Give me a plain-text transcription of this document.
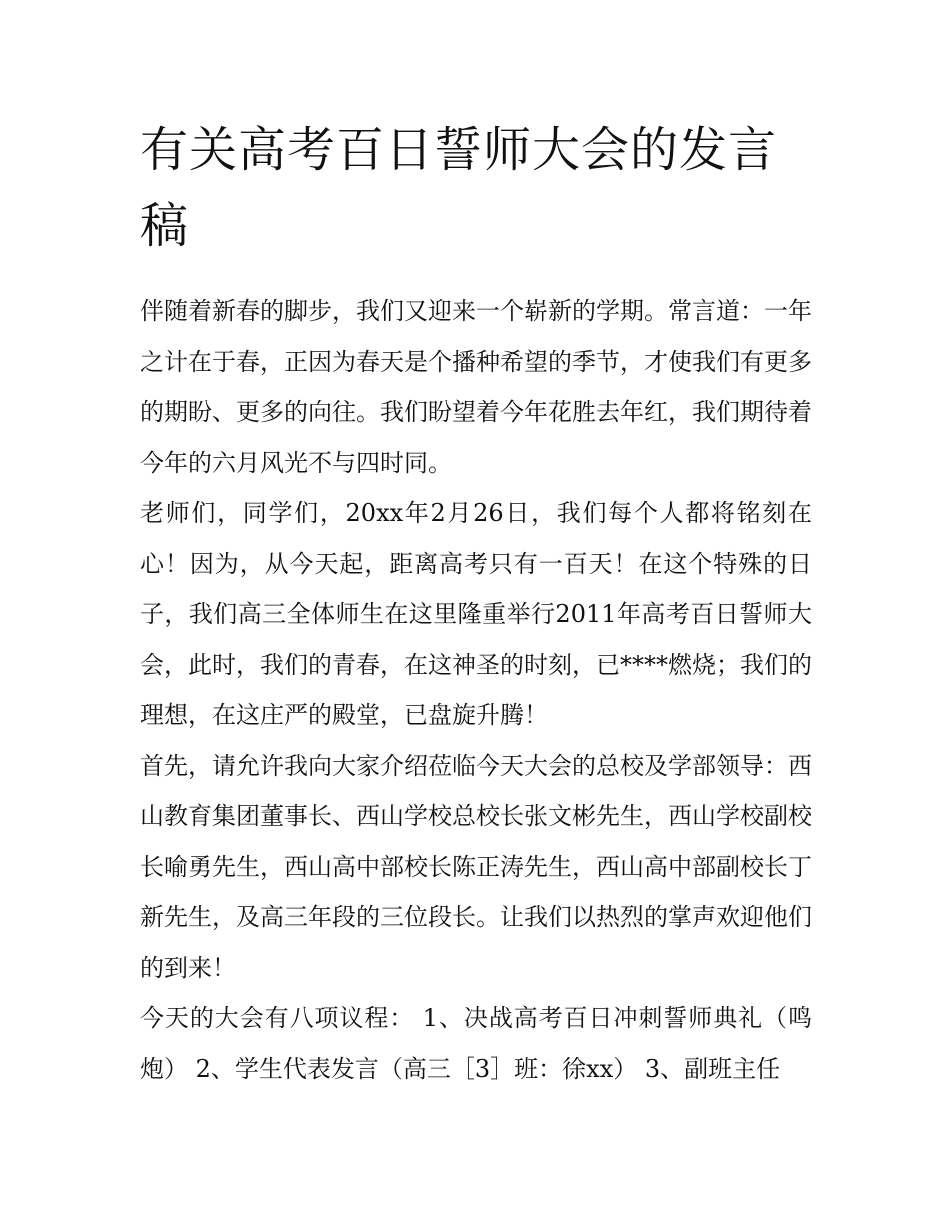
有关高考百日誓师大会的发言稿

伴随着新春的脚步，我们又迎来一个崭新的学期。常言道：一年之计在于春，正因为春天是个播种希望的季节，才使我们有更多的期盼、更多的向往。我们盼望着今年花胜去年红，我们期待着今年的六月风光不与四时同。

老师们，同学们，20xx年2月26日，我们每个人都将铭刻在心！因为，从今天起，距离高考只有一百天！在这个特殊的日子，我们高三全体师生在这里隆重举行2011年高考百日誓师大会，此时，我们的青春，在这神圣的时刻，已****燃烧；我们的理想，在这庄严的殿堂，已盘旋升腾！

首先，请允许我向大家介绍莅临今天大会的总校及学部领导：西山教育集团董事长、西山学校总校长张文彬先生，西山学校副校长喻勇先生，西山高中部校长陈正涛先生，西山高中部副校长丁新先生，及高三年段的三位段长。让我们以热烈的掌声欢迎他们的到来！

今天的大会有八项议程： 1、决战高考百日冲刺誓师典礼（鸣炮） 2、学生代表发言（高三［3］班：徐xx） 3、副班主任
